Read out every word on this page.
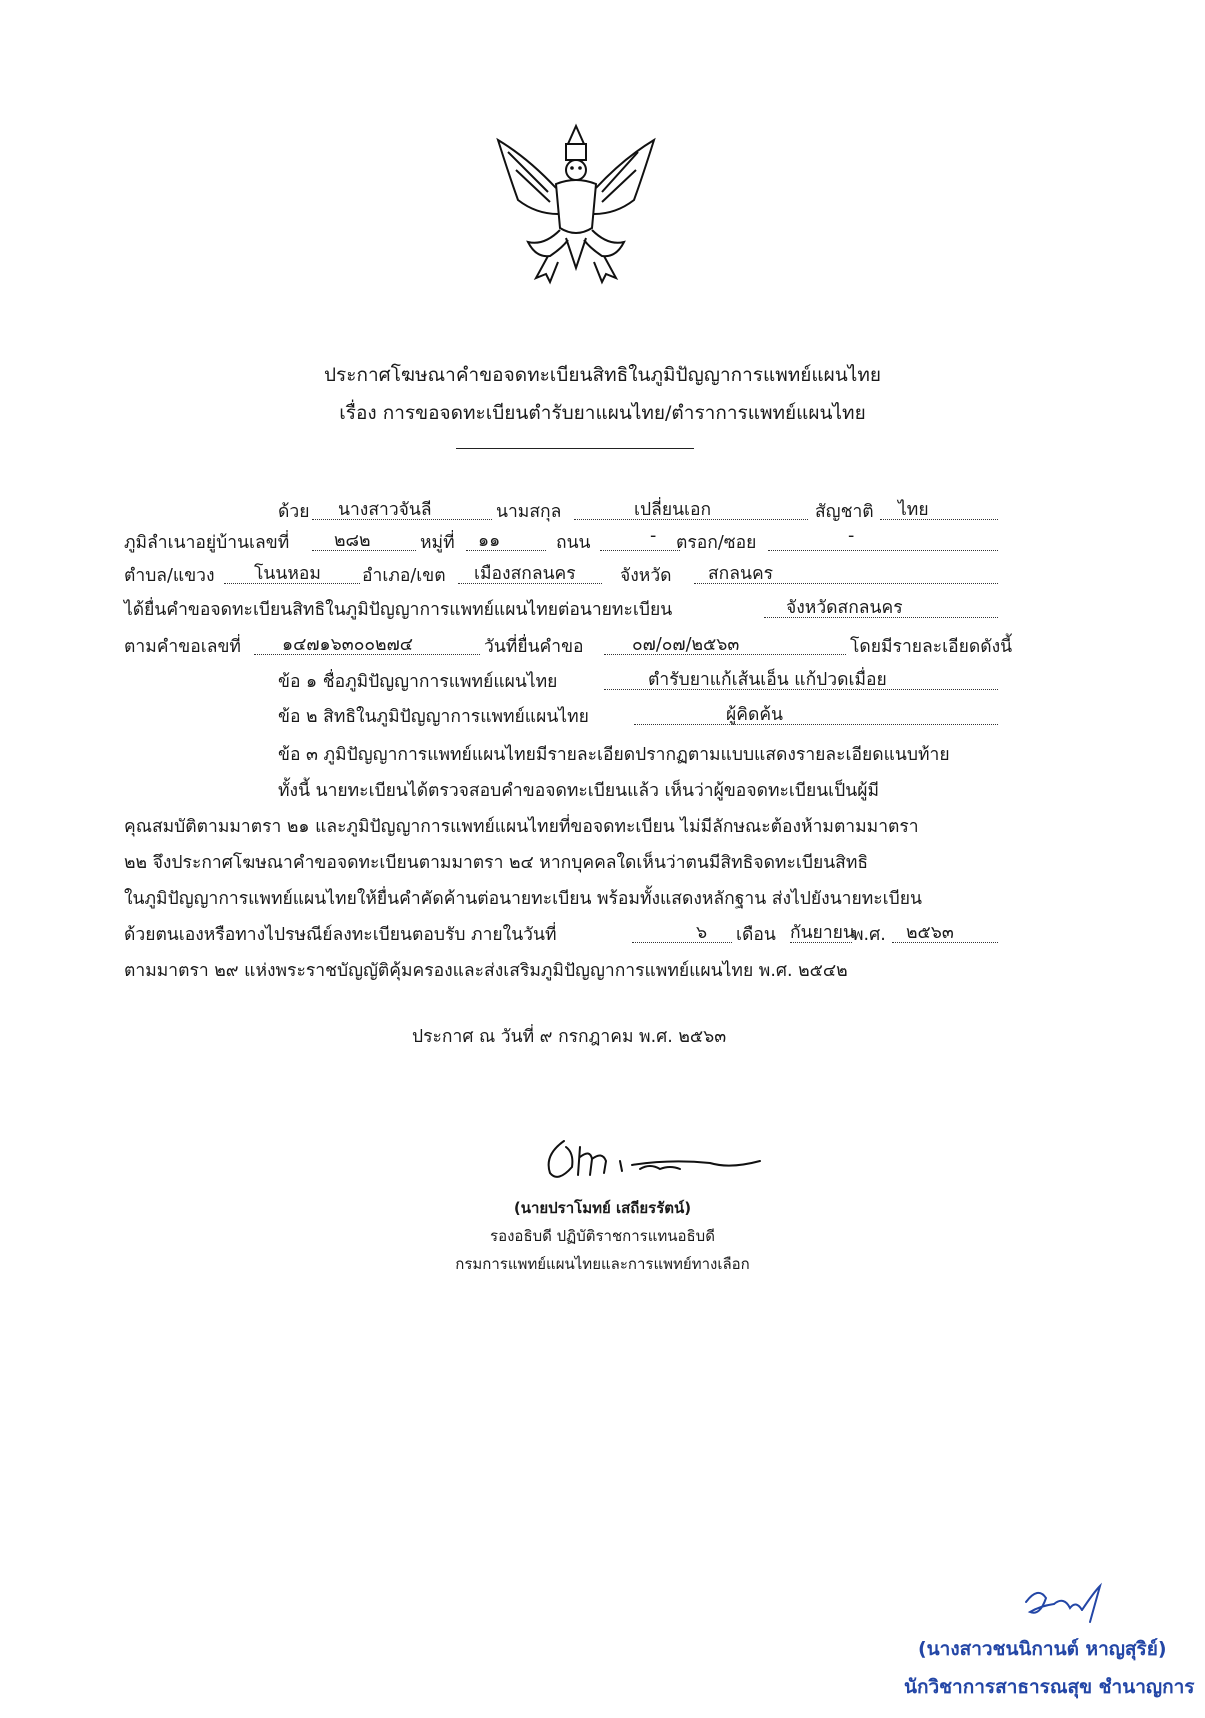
ประกาศโฆษณาคำขอจดทะเบียนสิทธิในภูมิปัญญาการแพทย์แผนไทย
เรื่อง การขอจดทะเบียนตำรับยาแผนไทย/ตำราการแพทย์แผนไทย
ด้วย นางสาวจันลี	นามสกุล	เปลี่ยนเอก	สัญชาติ ไทย
ภูมิลำเนาอยู่บ้านเลขที่	๒๘๒	หมู่ที่ ๑๑	ถนน	- ตรอก/ซอย	-
ตำบล/แขวง โนนหอม อำเภอ/เขต เมืองสกลนคร	จังหวัด สกลนคร
ได้ยื่นคำขอจดทะเบียนสิทธิในภูมิปัญญาการแพทย์แผนไทยต่อนายทะเบียน	จังหวัดสกลนคร
ตามคำขอเลขที่ ๑๔๗๑๖๓๐๐๒๗๔	วันที่ยื่นคำขอ	๐๗/๐๗/๒๕๖๓	โดยมีรายละเอียดดังนี้
ข้อ ๑ ชื่อภูมิปัญญาการแพทย์แผนไทย	ตำรับยาแก้เส้นเอ็น แก้ปวดเมื่อย
ข้อ ๒ สิทธิในภูมิปัญญาการแพทย์แผนไทย	ผู้คิดค้น
ข้อ ๓ ภูมิปัญญาการแพทย์แผนไทยมีรายละเอียดปรากฏตามแบบแสดงรายละเอียดแนบท้าย
ทั้งนี้ นายทะเบียนได้ตรวจสอบคำขอจดทะเบียนแล้ว เห็นว่าผู้ขอจดทะเบียนเป็นผู้มี
คุณสมบัติตามมาตรา ๒๑ และภูมิปัญญาการแพทย์แผนไทยที่ขอจดทะเบียน ไม่มีลักษณะต้องห้ามตามมาตรา
๒๒ จึงประกาศโฆษณาคำขอจดทะเบียนตามมาตรา ๒๔ หากบุคคลใดเห็นว่าตนมีสิทธิจดทะเบียนสิทธิ
ในภูมิปัญญาการแพทย์แผนไทยให้ยื่นคำคัดค้านต่อนายทะเบียน พร้อมทั้งแสดงหลักฐาน ส่งไปยังนายทะเบียน
ด้วยตนเองหรือทางไปรษณีย์ลงทะเบียนตอบรับ ภายในวันที่	๖ เดือน กันยายน
พ.ศ. ๒๕๖๓
ตามมาตรา ๒๙ แห่งพระราชบัญญัติคุ้มครองและส่งเสริมภูมิปัญญาการแพทย์แผนไทย พ.ศ. ๒๕๔๒
ประกาศ ณ วันที่ ๙ กรกฎาคม พ.ศ. ๒๕๖๓
(นายปราโมทย์ เสถียรรัตน์)
รองอธิบดี ปฏิบัติราชการแทนอธิบดี
กรมการแพทย์แผนไทยและการแพทย์ทางเลือก
(นางสาวชนนิกานต์ หาญสุริย์)
นักวิชาการสาธารณสุข ชำนาญการ
